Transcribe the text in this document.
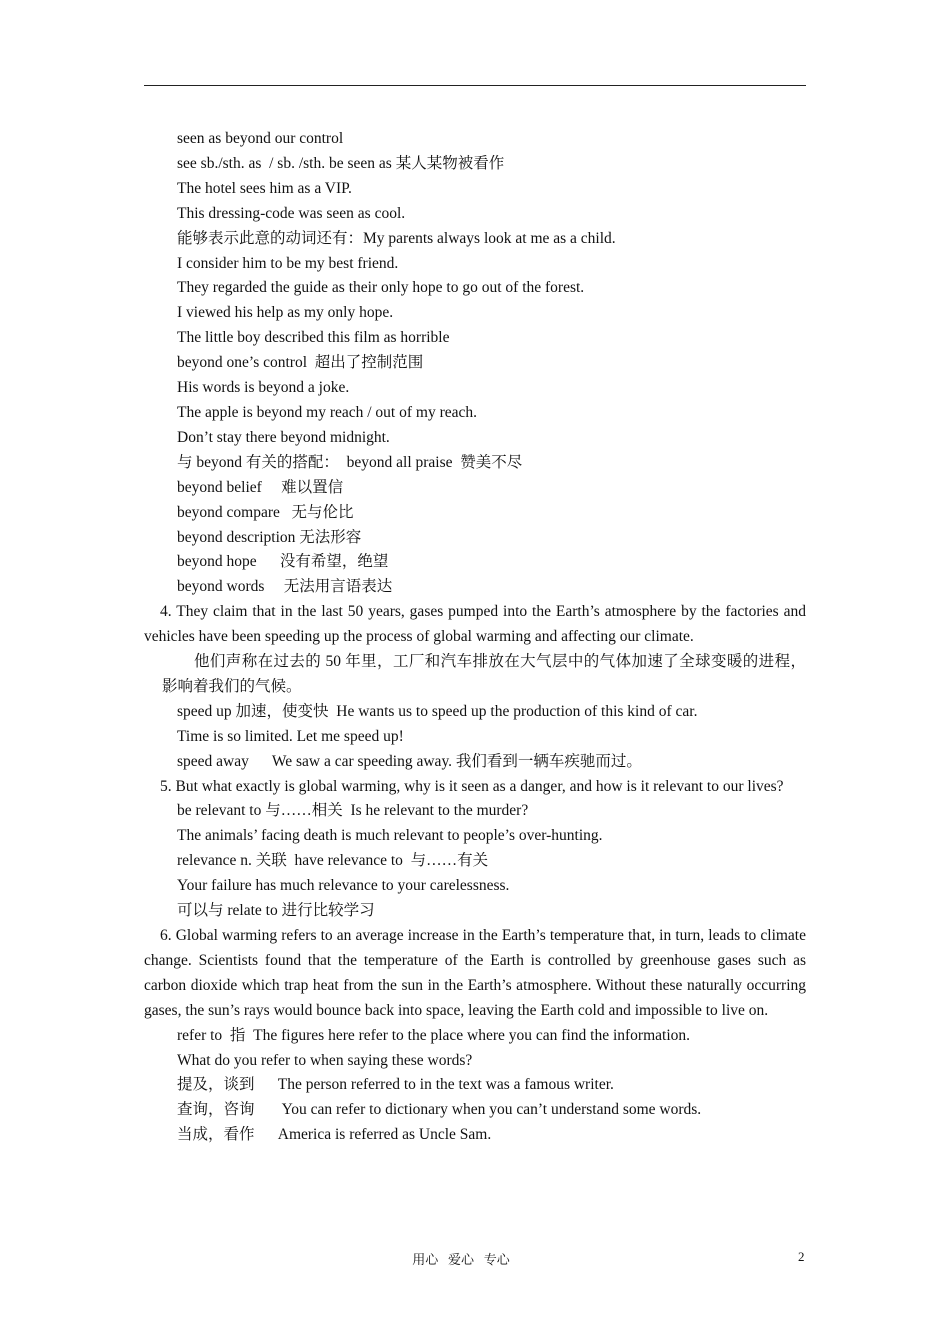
seen as beyond our control
see sb./sth. as  / sb. /sth. be seen as 某人某物被看作
The hotel sees him as a VIP.
This dressing-code was seen as cool.
能够表示此意的动词还有：My parents always look at me as a child.
I consider him to be my best friend.
They regarded the guide as their only hope to go out of the forest.
I viewed his help as my only hope.
The little boy described this film as horrible
beyond one’s control  超出了控制范围
His words is beyond a joke.
The apple is beyond my reach / out of my reach.
Don’t stay there beyond midnight.
与 beyond 有关的搭配：  beyond all praise  赞美不尽
beyond belief     难以置信
beyond compare   无与伦比
beyond description 无法形容
beyond hope      没有希望，绝望
beyond words     无法用言语表达
4. They claim that in the last 50 years, gases pumped into the Earth’s atmosphere by the factories and vehicles have been speeding up the process of global warming and affecting our climate.
他们声称在过去的 50 年里，工厂和汽车排放在大气层中的气体加速了全球变暖的进程，影响着我们的气候。
speed up 加速，使变快  He wants us to speed up the production of this kind of car.
Time is so limited. Let me speed up!
speed away      We saw a car speeding away. 我们看到一辆车疾驰而过。
5. But what exactly is global warming, why is it seen as a danger, and how is it relevant to our lives?
be relevant to 与……相关  Is he relevant to the murder?
The animals’ facing death is much relevant to people’s over-hunting.
relevance n. 关联  have relevance to  与……有关
Your failure has much relevance to your carelessness.
可以与 relate to 进行比较学习
6. Global warming refers to an average increase in the Earth’s temperature that, in turn, leads to climate change. Scientists found that the temperature of the Earth is controlled by greenhouse gases such as carbon dioxide which trap heat from the sun in the Earth’s atmosphere. Without these naturally occurring gases, the sun’s rays would bounce back into space, leaving the Earth cold and impossible to live on.
refer to  指  The figures here refer to the place where you can find the information.
What do you refer to when saying these words?
提及，谈到      The person referred to in the text was a famous writer.
查询，咨询       You can refer to dictionary when you can’t understand some words.
当成，看作      America is referred as Uncle Sam.
用心   爱心   专心	2
